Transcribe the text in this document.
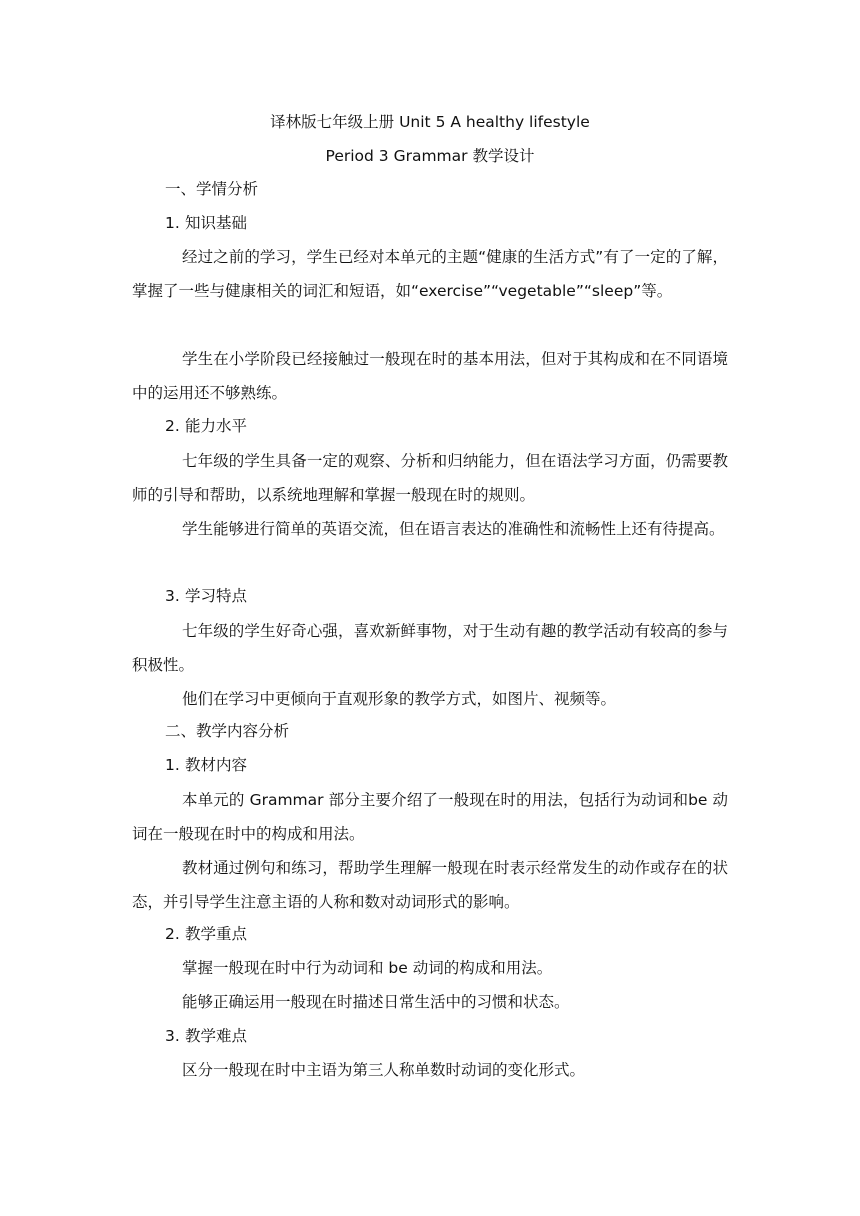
译林版七年级上册 Unit 5 A healthy lifestyle
Period 3 Grammar 教学设计
一、学情分析
1. 知识基础
经过之前的学习，学生已经对本单元的主题“健康的生活方式”有了一定的了解，掌握了一些与健康相关的词汇和短语，如“exercise”“vegetable”“sleep”等。
学生在小学阶段已经接触过一般现在时的基本用法，但对于其构成和在不同语境中的运用还不够熟练。
2. 能力水平
七年级的学生具备一定的观察、分析和归纳能力，但在语法学习方面，仍需要教师的引导和帮助，以系统地理解和掌握一般现在时的规则。
学生能够进行简单的英语交流，但在语言表达的准确性和流畅性上还有待提高。
3. 学习特点
七年级的学生好奇心强，喜欢新鲜事物，对于生动有趣的教学活动有较高的参与积极性。
他们在学习中更倾向于直观形象的教学方式，如图片、视频等。
二、教学内容分析
1. 教材内容
本单元的 Grammar 部分主要介绍了一般现在时的用法，包括行为动词和be 动词在一般现在时中的构成和用法。
教材通过例句和练习，帮助学生理解一般现在时表示经常发生的动作或存在的状态，并引导学生注意主语的人称和数对动词形式的影响。
2. 教学重点
掌握一般现在时中行为动词和 be 动词的构成和用法。
能够正确运用一般现在时描述日常生活中的习惯和状态。
3. 教学难点
区分一般现在时中主语为第三人称单数时动词的变化形式。
